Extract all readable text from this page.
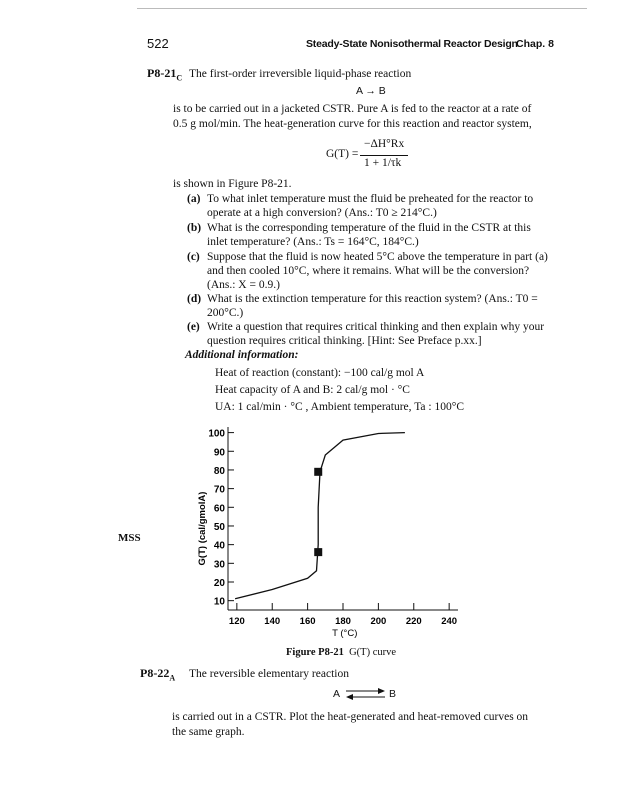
522	Steady-State Nonisothermal Reactor Design
Chap. 8
$P8-21_C$ The first-order irreversible liquid-phase reaction
A → B
is to be carried out in a jacketed CSTR. Pure A is fed to the reactor at a rate of
0.5 g mol/min. The heat-generation curve for this reaction and reactor system,
G(T) =
−ΔH°Rx
1 + 1/τk
is shown in Figure P8-21.
(a) To what inlet temperature must the fluid be preheated for the reactor to
operate at a high conversion? (Ans.: T0 ≥ 214°C.)
(b) What is the corresponding temperature of the fluid in the CSTR at this
inlet temperature? (Ans.: Ts = 164°C, 184°C.)
(c) Suppose that the fluid is now heated 5°C above the temperature in part (a)
and then cooled 10°C, where it remains. What will be the conversion?
(Ans.: X = 0.9.)
(d) What is the extinction temperature for this reaction system? (Ans.: T0 =
200°C.)
(e) Write a question that requires critical thinking and then explain why your
question requires critical thinking. [Hint: See Preface p.xx.]
Additional information:
Heat of reaction (constant): −100 cal/g mol A
Heat capacity of A and B: 2 cal/g mol · °C
UA: 1 cal/min · °C , Ambient temperature, Ta : 100°C
MSS
10
20
30
40
50
60
70
80
90
100
120 140 160 180 200 220 240
T (°C)
G(T) (cal/gmolA)
Figure P8-21 G(T) curve
$P8-22_A$ The reversible elementary reaction
A	B
is carried out in a CSTR. Plot the heat-generated and heat-removed curves on
the same graph.
